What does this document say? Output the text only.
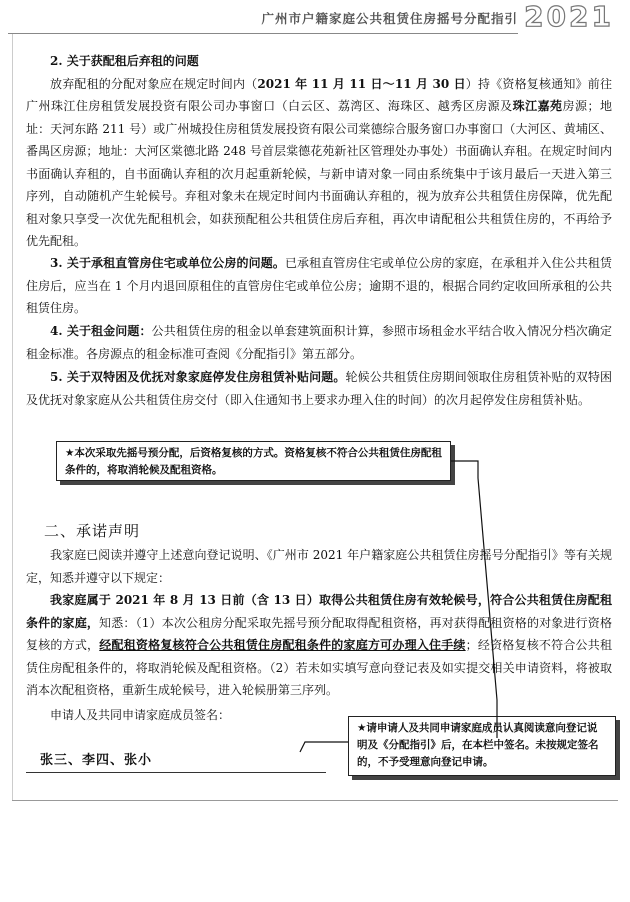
广州市户籍家庭公共租赁住房摇号分配指引 2021

2. 关于获配租后弃租的问题

放弃配租的分配对象应在规定时间内（2021 年 11 月 11 日～11 月 30 日）持《资格复核通知》前往广州珠江住房租赁发展投资有限公司办事窗口（白云区、荔湾区、海珠区、越秀区房源及珠江嘉苑房源；地址：天河东路 211 号）或广州城投住房租赁发展投资有限公司棠德综合服务窗口办事窗口（大河区、黄埔区、番禺区房源；地址：大河区棠德北路 248 号首层棠德花苑新社区管理处办事处）书面确认弃租。在规定时间内书面确认弃租的，自书面确认弃租的次月起重新轮候，与新申请对象一同由系统集中于该月最后一天进入第三序列，自动随机产生轮候号。弃租对象未在规定时间内书面确认弃租的，视为放弃公共租赁住房保障，优先配租对象只享受一次优先配租机会，如获预配租公共租赁住房后弃租，再次申请配租公共租赁住房的，不再给予优先配租。

3. 关于承租直管房住宅或单位公房的问题。已承租直管房住宅或单位公房的家庭，在承租并入住公共租赁住房后，应当在 1 个月内退回原租住的直管房住宅或单位公房；逾期不退的，根据合同约定收回所承租的公共租赁住房。
4. 关于租金问题：公共租赁住房的租金以单套建筑面积计算，参照市场租金水平结合收入情况分档次确定租金标准。各房源点的租金标准可查阅《分配指引》第五部分。
5. 关于双特困及优抚对象家庭停发住房租赁补贴问题。轮候公共租赁住房期间领取住房租赁补贴的双特困及优抚对象家庭从公共租赁住房交付（即入住通知书上要求办理入住的时间）的次月起停发住房租赁补贴。
★本次采取先摇号预分配，后资格复核的方式。资格复核不符合公共租赁住房配租条件的，将取消轮候及配租资格。
二、承诺声明

我家庭已阅读并遵守上述意向登记说明、《广州市 2021 年户籍家庭公共租赁住房摇号分配指引》等有关规定，知悉并遵守以下规定：

我家庭属于 2021 年 8 月 13 日前（含 13 日）取得公共租赁住房有效轮候号，符合公共租赁住房配租条件的家庭，知悉：（1）本次公租房分配采取先摇号预分配取得配租资格，再对获得配租资格的对象进行资格复核的方式，经配租资格复核符合公共租赁住房配租条件的家庭方可办理入住手续；经资格复核不符合公共租赁住房配租条件的，将取消轮候及配租资格。（2）若未如实填写意向登记表及如实提交相关申请资料，将被取消本次配租资格，重新生成轮候号，进入轮候册第三序列。

申请人及共同申请家庭成员签名：

张三、李四、张小
★请申请人及共同申请家庭成员认真阅读意向登记说明及《分配指引》后，在本栏中签名。未按规定签名的，不予受理意向登记申请。
